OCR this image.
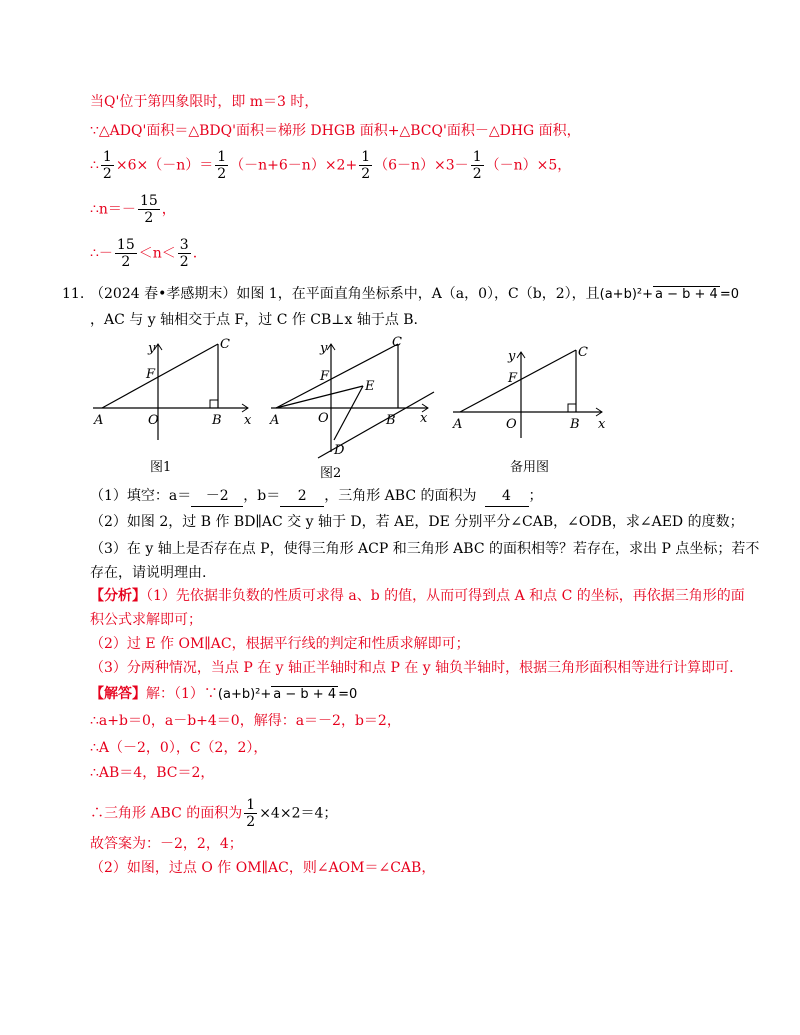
当Q'位于第四象限时，即 m＝3 时，
∵△ADQ'面积＝△BDQ'面积＝梯形 DHGB 面积+△BCQ'面积－△DHG 面积，
∴ $\frac{1}{2} \times 6\times(-n)= \frac{1}{2} (-n+6-n)\times 2+ \frac{1}{2} (6-n)\times 3- \frac{1}{2} (-n)\times 5$，
∴n＝－ $\frac{15}{2}$ ，
∴－ $\frac{15}{2} <n< \frac{3}{2}$ .
11. （2024 春•孝感期末）如图 1，在平面直角坐标系中，A（a，0），C（b，2），且(a+b)²+ a − b + 4 =0
，AC 与 y 轴相交于点 F，过 C 作 CB⊥x 轴于点 B.
y
x
A	O	B
C
F
图1
y
x
A	O	B
C
F
D
E
图2
y
x
A	O	B
C
F
备用图
（1）填空：a＝ －2 ，b＝ 2 ，三角形 ABC 的面积为 4 ；
（2）如图 2，过 B 作 BD∥AC 交 y 轴于 D，若 AE，DE 分别平分∠CAB，∠ODB，求∠AED 的度数；
（3）在 y 轴上是否存在点 P，使得三角形 ACP 和三角形 ABC 的面积相等？若存在，求出 P 点坐标；若不
存在，请说明理由.
【分析】（1）先依据非负数的性质可求得 a、b 的值，从而可得到点 A 和点 C 的坐标，再依据三角形的面
积公式求解即可；
（2）过 E 作 OM∥AC，根据平行线的判定和性质求解即可；
（3）分两种情况，当点 P 在 y 轴正半轴时和点 P 在 y 轴负半轴时，根据三角形面积相等进行计算即可.
【解答】解：（1）∵(a+b)²+ a − b + 4 =0
∴a+b＝0，a－b+4＝0，解得：a＝－2，b＝2，
∴A（－2，0），C（2，2），
∴AB＝4，BC＝2，
∴三角形 ABC 的面积为 $\frac{1}{2} \times 4\times 2=4$；
故答案为：－2，2，4；
（2）如图，过点 O 作 OM∥AC，则∠AOM＝∠CAB，
